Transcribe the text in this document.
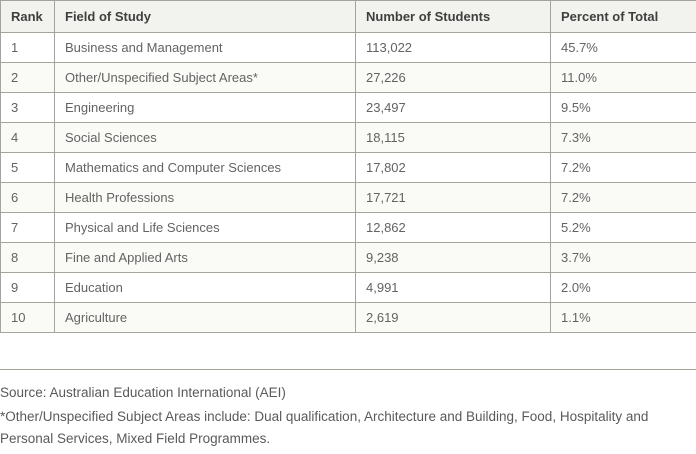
Rank	Field of Study	Number of Students	Percent of Total
1	Business and Management	113,022	45.7%
2	Other/Unspecified Subject Areas*	27,226	11.0%
3	Engineering	23,497	9.5%
4	Social Sciences	18,115	7.3%
5	Mathematics and Computer Sciences	17,802	7.2%
6	Health Professions	17,721	7.2%
7	Physical and Life Sciences	12,862	5.2%
8	Fine and Applied Arts	9,238	3.7%
9	Education	4,991	2.0%
10	Agriculture	2,619	1.1%

Source: Australian Education International (AEI)

*Other/Unspecified Subject Areas include: Dual qualification, Architecture and Building, Food, Hospitality and Personal Services, Mixed Field Programmes.
